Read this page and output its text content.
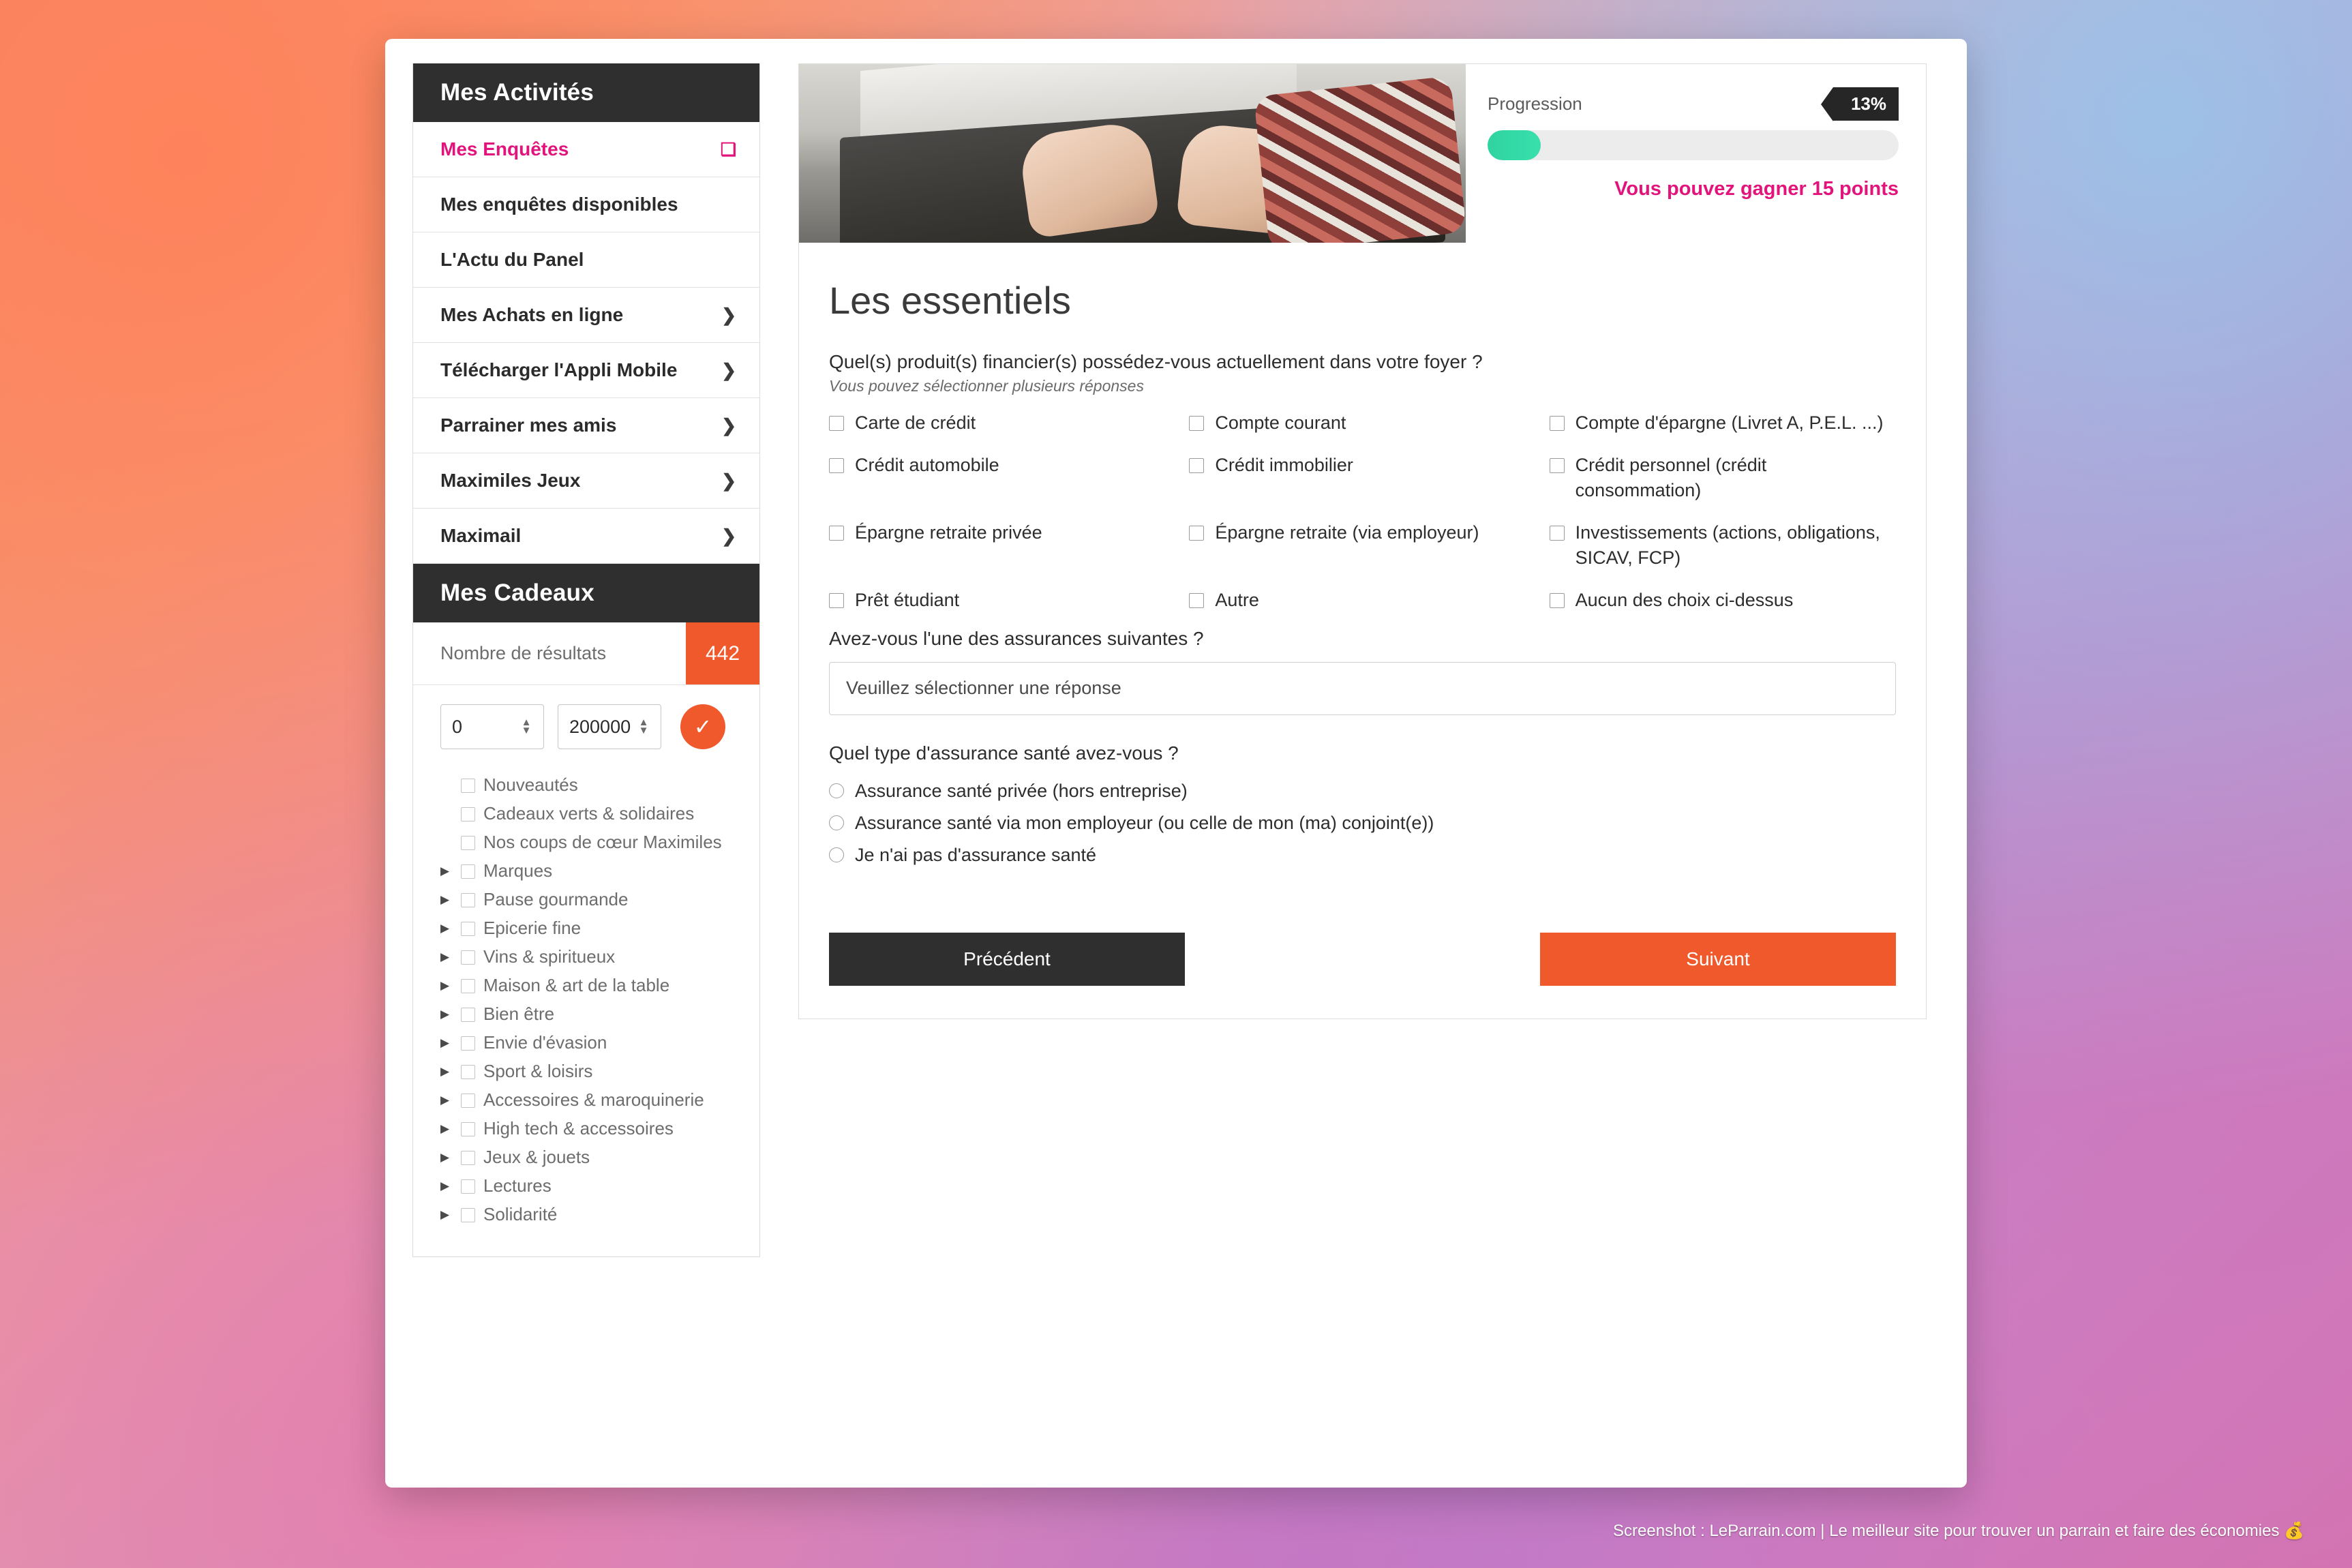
Mes Activités
Mes Enquêtes	❏
Mes enquêtes disponibles
L'Actu du Panel
Mes Achats en ligne	❯
Télécharger l'Appli Mobile ❯
Parrainer mes amis	❯
Maximiles Jeux	❯
Maximail	❯
Mes Cadeaux
Nombre de résultats	442
0
▲
▼
200000
▲
▼ ✓
Nouveautés
Cadeaux verts & solidaires
Nos coups de cœur Maximiles
▶ Marques
▶ Pause gourmande
▶ Epicerie fine
▶ Vins & spiritueux
▶ Maison & art de la table
▶ Bien être
▶ Envie d'évasion
▶ Sport & loisirs
▶ Accessoires & maroquinerie
▶ High tech & accessoires
▶ Jeux & jouets
▶ Lectures
▶ Solidarité
Progression	13%
Vous pouvez gagner 15 points
Les essentiels
Quel(s) produit(s) financier(s) possédez-vous actuellement dans votre foyer ?
Vous pouvez sélectionner plusieurs réponses
Carte de crédit	Compte courant	Compte d'épargne (Livret A, P.E.L. ...)
Crédit automobile	Crédit immobilier	Crédit personnel (crédit consommation)
Épargne retraite privée	Épargne retraite (via employeur)	Investissements (actions, obligations, SICAV, FCP)
Prêt étudiant	Autre	Aucun des choix ci-dessus
Avez-vous l'une des assurances suivantes ?
Veuillez sélectionner une réponse
Quel type d'assurance santé avez-vous ?
Assurance santé privée (hors entreprise)
Assurance santé via mon employeur (ou celle de mon (ma) conjoint(e))
Je n'ai pas d'assurance santé
Précédent	Suivant
Screenshot : LeParrain.com | Le meilleur site pour trouver un parrain et faire des économies 💰
